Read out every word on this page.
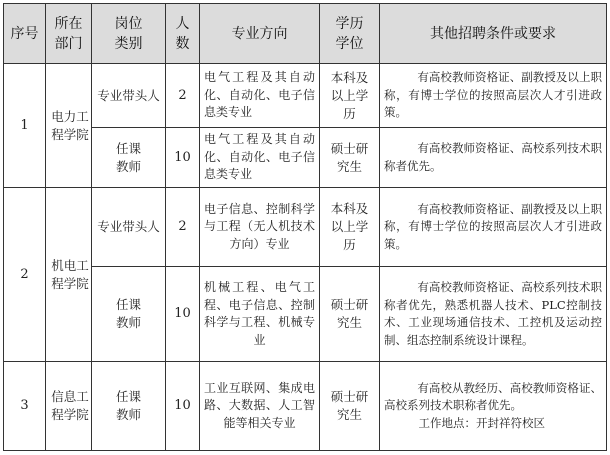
序号	所在部门	岗位类别	人数	专业方向	学历学位	其他招聘条件或要求
1	电力工程学院	专业带头人	2	电气工程及其自动化、自动化、电子信息类专业	本科及以上学历	有高校教师资格证、副教授及以上职称，有博士学位的按照高层次人才引进政策。
		任课教师	10	电气工程及其自动化、自动化、电子信息类专业	硕士研究生	有高校教师资格证、高校系列技术职称者优先。
2	机电工程学院	专业带头人	2	电子信息、控制科学与工程（无人机技术方向）专业	本科及以上学历	有高校教师资格证、副教授及以上职称，有博士学位的按照高层次人才引进政策。
		任课教师	10	机械工程、电气工程、电子信息、控制科学与工程、机械专业	硕士研究生	有高校教师资格证、高校系列技术职称者优先，熟悉机器人技术、PLC控制技术、工业现场通信技术、工控机及运动控制、组态控制系统设计课程。
3	信息工程学院	任课教师	10	工业互联网、集成电路、大数据、人工智能等相关专业	硕士研究生	有高校从教经历、高校教师资格证、高校系列技术职称者优先。
工作地点：开封祥符校区
